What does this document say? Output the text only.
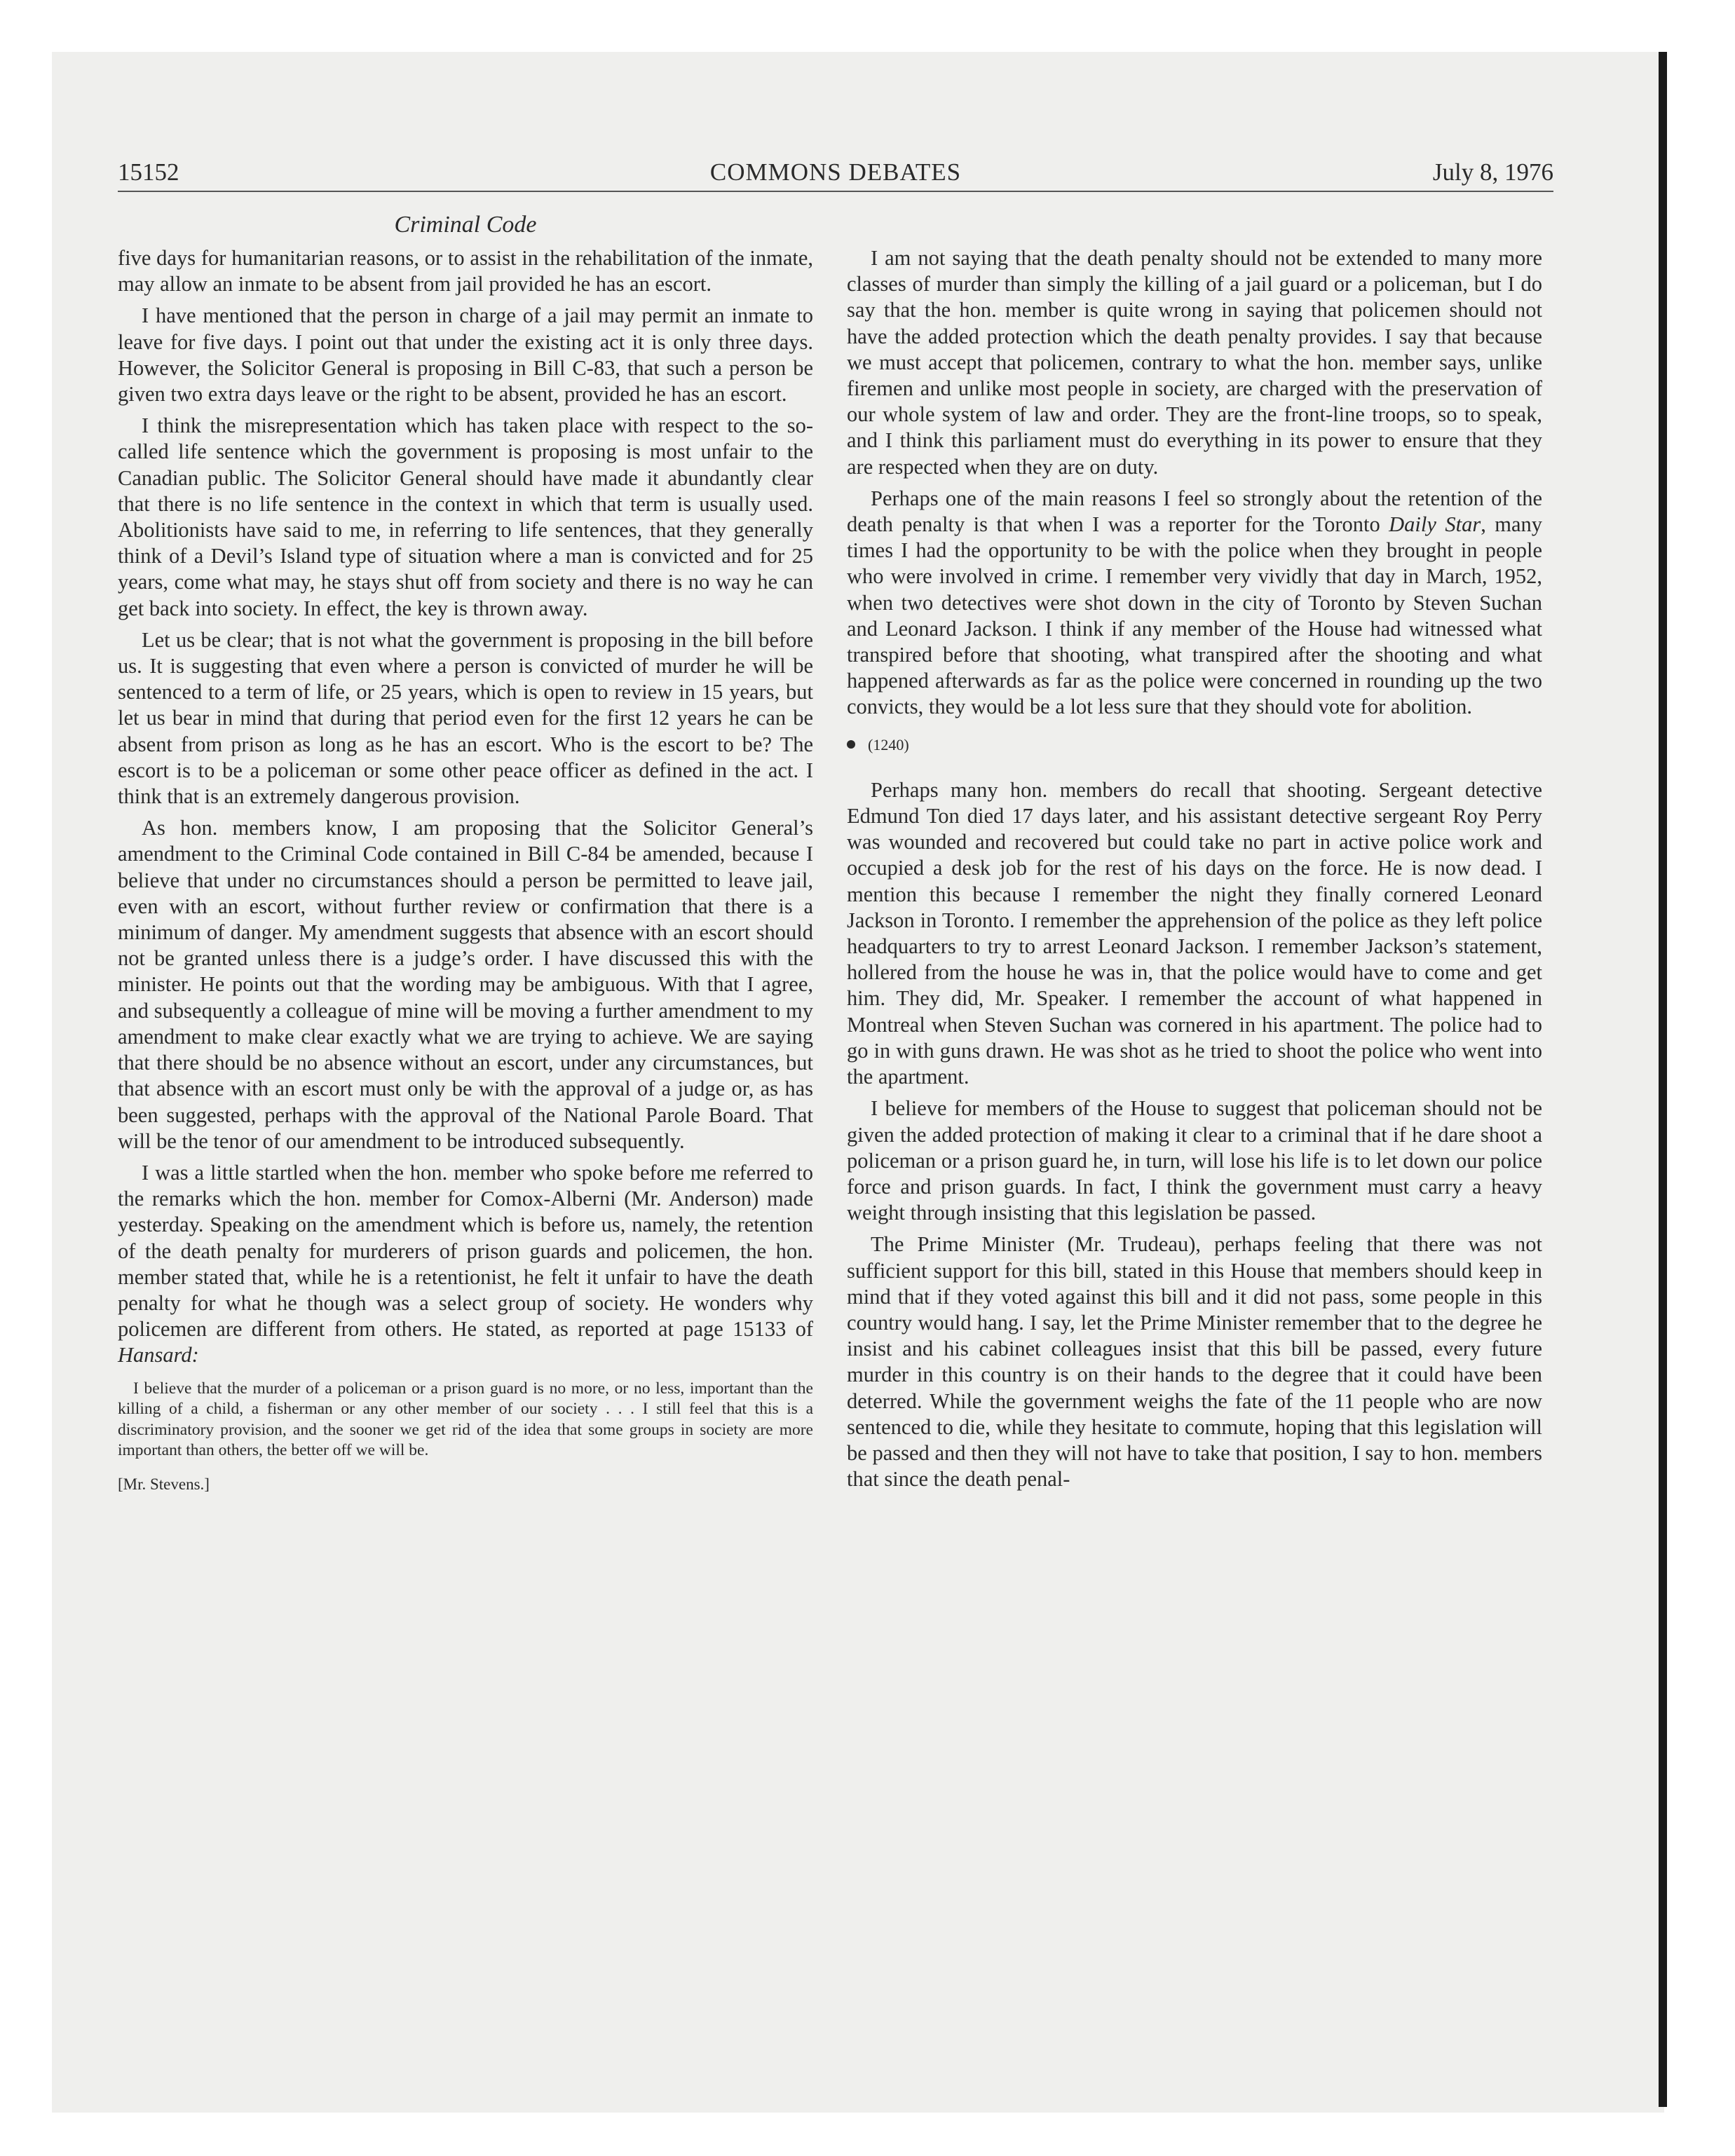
15152	COMMONS DEBATES	July 8, 1976
Criminal Code

five days for humanitarian reasons, or to assist in the rehabilitation of the inmate, may allow an inmate to be absent from jail provided he has an escort.

I have mentioned that the person in charge of a jail may permit an inmate to leave for five days. I point out that under the existing act it is only three days. However, the Solicitor General is proposing in Bill C-83, that such a person be given two extra days leave or the right to be absent, provided he has an escort.

I think the misrepresentation which has taken place with respect to the so-called life sentence which the government is proposing is most unfair to the Canadian public. The Solicitor General should have made it abundantly clear that there is no life sentence in the context in which that term is usually used. Abolitionists have said to me, in referring to life sentences, that they generally think of a Devil’s Island type of situation where a man is convicted and for 25 years, come what may, he stays shut off from society and there is no way he can get back into society. In effect, the key is thrown away.

Let us be clear; that is not what the government is proposing in the bill before us. It is suggesting that even where a person is convicted of murder he will be sentenced to a term of life, or 25 years, which is open to review in 15 years, but let us bear in mind that during that period even for the first 12 years he can be absent from prison as long as he has an escort. Who is the escort to be? The escort is to be a policeman or some other peace officer as defined in the act. I think that is an extremely dangerous provision.

As hon. members know, I am proposing that the Solicitor General’s amendment to the Criminal Code contained in Bill C-84 be amended, because I believe that under no circumstances should a person be permitted to leave jail, even with an escort, without further review or confirmation that there is a minimum of danger. My amendment suggests that absence with an escort should not be granted unless there is a judge’s order. I have discussed this with the minister. He points out that the wording may be ambiguous. With that I agree, and subsequently a colleague of mine will be moving a further amendment to my amendment to make clear exactly what we are trying to achieve. We are saying that there should be no absence without an escort, under any circumstances, but that absence with an escort must only be with the approval of a judge or, as has been suggested, perhaps with the approval of the National Parole Board. That will be the tenor of our amendment to be introduced subsequently.

I was a little startled when the hon. member who spoke before me referred to the remarks which the hon. member for Comox-Alberni (Mr. Anderson) made yesterday. Speaking on the amendment which is before us, namely, the retention of the death penalty for murderers of prison guards and policemen, the hon. member stated that, while he is a retentionist, he felt it unfair to have the death penalty for what he though was a select group of society. He wonders why policemen are different from others. He stated, as reported at page 15133 of Hansard:

I believe that the murder of a policeman or a prison guard is no more, or no less, important than the killing of a child, a fisherman or any other member of our society . . . I still feel that this is a discriminatory provision, and the sooner we get rid of the idea that some groups in society are more important than others, the better off we will be.

[Mr. Stevens.]

I am not saying that the death penalty should not be extended to many more classes of murder than simply the killing of a jail guard or a policeman, but I do say that the hon. member is quite wrong in saying that policemen should not have the added protection which the death penalty provides. I say that because we must accept that policemen, contrary to what the hon. member says, unlike firemen and unlike most people in society, are charged with the preservation of our whole system of law and order. They are the front-line troops, so to speak, and I think this parliament must do everything in its power to ensure that they are respected when they are on duty.

Perhaps one of the main reasons I feel so strongly about the retention of the death penalty is that when I was a reporter for the Toronto Daily Star, many times I had the opportunity to be with the police when they brought in people who were involved in crime. I remember very vividly that day in March, 1952, when two detectives were shot down in the city of Toronto by Steven Suchan and Leonard Jackson. I think if any member of the House had witnessed what transpired before that shooting, what transpired after the shooting and what happened afterwards as far as the police were concerned in rounding up the two convicts, they would be a lot less sure that they should vote for abolition.

(1240)

Perhaps many hon. members do recall that shooting. Sergeant detective Edmund Ton died 17 days later, and his assistant detective sergeant Roy Perry was wounded and recovered but could take no part in active police work and occupied a desk job for the rest of his days on the force. He is now dead. I mention this because I remember the night they finally cornered Leonard Jackson in Toronto. I remember the apprehension of the police as they left police headquarters to try to arrest Leonard Jackson. I remember Jackson’s statement, hollered from the house he was in, that the police would have to come and get him. They did, Mr. Speaker. I remember the account of what happened in Montreal when Steven Suchan was cornered in his apartment. The police had to go in with guns drawn. He was shot as he tried to shoot the police who went into the apartment.

I believe for members of the House to suggest that policeman should not be given the added protection of making it clear to a criminal that if he dare shoot a policeman or a prison guard he, in turn, will lose his life is to let down our police force and prison guards. In fact, I think the government must carry a heavy weight through insisting that this legislation be passed.

The Prime Minister (Mr. Trudeau), perhaps feeling that there was not sufficient support for this bill, stated in this House that members should keep in mind that if they voted against this bill and it did not pass, some people in this country would hang. I say, let the Prime Minister remember that to the degree he insist and his cabinet colleagues insist that this bill be passed, every future murder in this country is on their hands to the degree that it could have been deterred. While the government weighs the fate of the 11 people who are now sentenced to die, while they hesitate to commute, hoping that this legislation will be passed and then they will not have to take that position, I say to hon. members that since the death penal-
